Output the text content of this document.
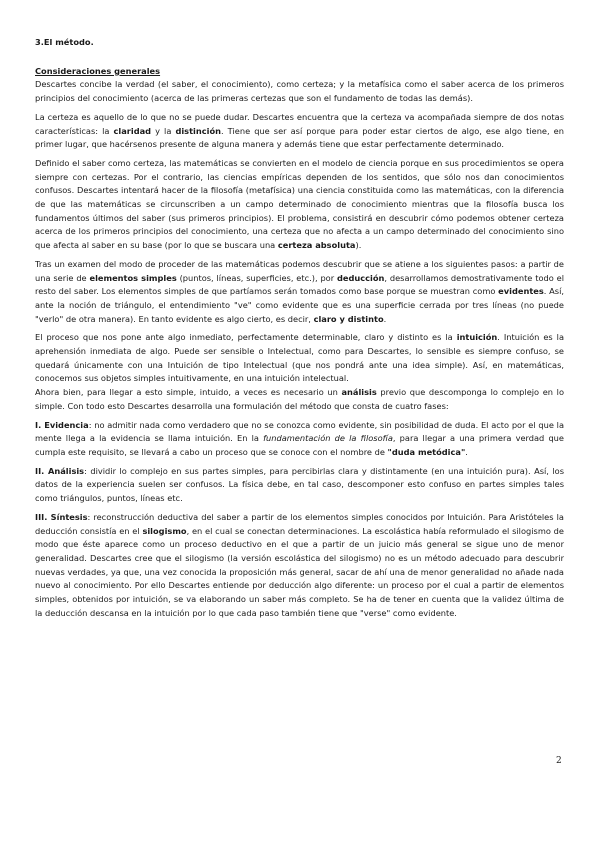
3.El método.

Consideraciones generales

Descartes concibe la verdad (el saber, el conocimiento), como certeza; y la metafísica como el saber acerca de los primeros principios del conocimiento (acerca de las primeras certezas que son el fundamento de todas las demás).

La certeza es aquello de lo que no se puede dudar. Descartes encuentra que la certeza va acompañada siempre de dos notas características: la claridad y la distinción. Tiene que ser así porque para poder estar ciertos de algo, ese algo tiene, en primer lugar, que hacérsenos presente de alguna manera y además tiene que estar perfectamente determinado.

Definido el saber como certeza, las matemáticas se convierten en el modelo de ciencia porque en sus procedimientos se opera siempre con certezas. Por el contrario, las ciencias empíricas dependen de los sentidos, que sólo nos dan conocimientos confusos. Descartes intentará hacer de la filosofía (metafísica) una ciencia constituida como las matemáticas, con la diferencia de que las matemáticas se circunscriben a un campo determinado de conocimiento mientras que la filosofía busca los fundamentos últimos del saber (sus primeros principios). El problema, consistirá en descubrir cómo podemos obtener certeza acerca de los primeros principios del conocimiento, una certeza que no afecta a un campo determinado del conocimiento sino que afecta al saber en su base (por lo que se buscara una certeza absoluta).

Tras un examen del modo de proceder de las matemáticas podemos descubrir que se atiene a los siguientes pasos: a partir de una serie de elementos simples (puntos, líneas, superficies, etc.), por deducción, desarrollamos demostrativamente todo el resto del saber. Los elementos simples de que partíamos serán tomados como base porque se muestran como evidentes. Así, ante la noción de triángulo, el entendimiento "ve" como evidente que es una superficie cerrada por tres líneas (no puede "verlo" de otra manera). En tanto evidente es algo cierto, es decir, claro y distinto.

El proceso que nos pone ante algo inmediato, perfectamente determinable, claro y distinto es la intuición. Intuición es la aprehensión inmediata de algo. Puede ser sensible o Intelectual, como para Descartes, lo sensible es siempre confuso, se quedará únicamente con una Intuición de tipo Intelectual (que nos pondrá ante una idea simple). Así, en matemáticas, conocemos sus objetos simples intuitivamente, en una intuición intelectual.

Ahora bien, para llegar a esto simple, intuido, a veces es necesario un análisis previo que descomponga lo complejo en lo simple. Con todo esto Descartes desarrolla una formulación del método que consta de cuatro fases:

I. Evidencia: no admitir nada como verdadero que no se conozca como evidente, sin posibilidad de duda. El acto por el que la mente llega a la evidencia se llama intuición. En la fundamentación de la filosofía, para llegar a una primera verdad que cumpla este requisito, se llevará a cabo un proceso que se conoce con el nombre de "duda metódica".

II. Análisis: dividir lo complejo en sus partes simples, para percibirlas clara y distintamente (en una intuición pura). Así, los datos de la experiencia suelen ser confusos. La física debe, en tal caso, descomponer esto confuso en partes simples tales como triángulos, puntos, líneas etc.

III. Síntesis: reconstrucción deductiva del saber a partir de los elementos simples conocidos por Intuición. Para Aristóteles la deducción consistía en el silogismo, en el cual se conectan determinaciones. La escolástica había reformulado el silogismo de modo que éste aparece como un proceso deductivo en el que a partir de un juicio más general se sigue uno de menor generalidad. Descartes cree que el silogismo (la versión escolástica del silogismo) no es un método adecuado para descubrir nuevas verdades, ya que, una vez conocida la proposición más general, sacar de ahí una de menor generalidad no añade nada nuevo al conocimiento. Por ello Descartes entiende por deducción algo diferente: un proceso por el cual a partir de elementos simples, obtenidos por intuición, se va elaborando un saber más completo. Se ha de tener en cuenta que la validez última de la deducción descansa en la intuición por lo que cada paso también tiene que "verse" como evidente.

2
